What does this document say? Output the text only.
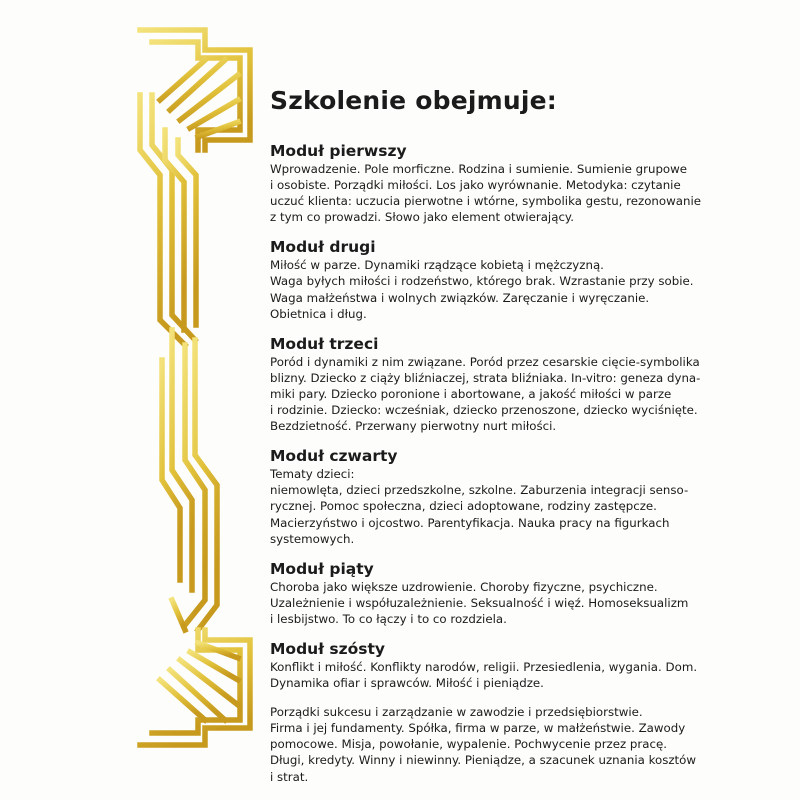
Szkolenie obejmuje:
Moduł pierwszy

Wprowadzenie. Pole morficzne. Rodzina i sumienie. Sumienie grupowe

i osobiste. Porządki miłości. Los jako wyrównanie. Metodyka: czytanie

uczuć klienta: uczucia pierwotne i wtórne, symbolika gestu, rezonowanie

z tym co prowadzi. Słowo jako element otwierający.

Moduł drugi

Miłość w parze. Dynamiki rządzące kobietą i mężczyzną.

Waga byłych miłości i rodzeństwo, którego brak. Wzrastanie przy sobie.

Waga małżeństwa i wolnych związków. Zaręczanie i wyręczanie.

Obietnica i dług.

Moduł trzeci

Poród i dynamiki z nim związane. Poród przez cesarskie cięcie-symbolika

blizny. Dziecko z ciąży bliźniaczej, strata bliźniaka. In-vitro: geneza dyna-

miki pary. Dziecko poronione i abortowane, a jakość miłości w parze

i rodzinie. Dziecko: wcześniak, dziecko przenoszone, dziecko wyciśnięte.

Bezdzietność. Przerwany pierwotny nurt miłości.

Moduł czwarty

Tematy dzieci:

niemowlęta, dzieci przedszkolne, szkolne. Zaburzenia integracji senso-

rycznej. Pomoc społeczna, dzieci adoptowane, rodziny zastępcze.

Macierzyństwo i ojcostwo. Parentyfikacja. Nauka pracy na figurkach

systemowych.

Moduł piąty

Choroba jako większe uzdrowienie. Choroby fizyczne, psychiczne.

Uzależnienie i współuzależnienie. Seksualność i więź. Homoseksualizm

i lesbijstwo. To co łączy i to co rozdziela.

Moduł szósty

Konflikt i miłość. Konflikty narodów, religii. Przesiedlenia, wygania. Dom.

Dynamika ofiar i sprawców. Miłość i pieniądze.

Porządki sukcesu i zarządzanie w zawodzie i przedsiębiorstwie.

Firma i jej fundamenty. Spółka, firma w parze, w małżeństwie. Zawody

pomocowe. Misja, powołanie, wypalenie. Pochwycenie przez pracę.

Długi, kredyty. Winny i niewinny. Pieniądze, a szacunek uznania kosztów

i strat.
